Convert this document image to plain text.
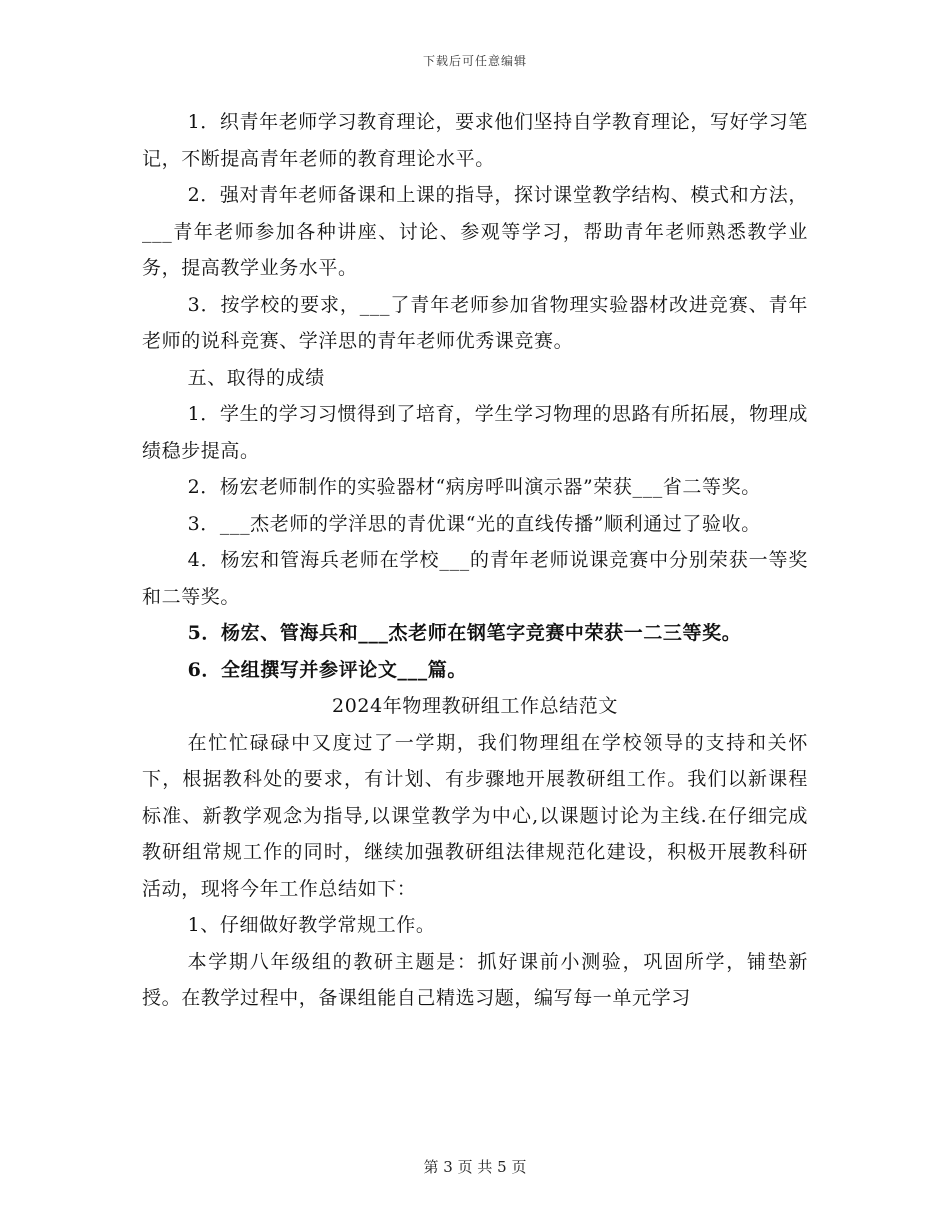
下载后可任意编辑

1．织青年老师学习教育理论，要求他们坚持自学教育理论，写好学习笔记，不断提高青年老师的教育理论水平。

2．强对青年老师备课和上课的指导，探讨课堂教学结构、模式和方法，___青年老师参加各种讲座、讨论、参观等学习，帮助青年老师熟悉教学业务，提高教学业务水平。

3．按学校的要求，___了青年老师参加省物理实验器材改进竞赛、青年老师的说科竞赛、学洋思的青年老师优秀课竞赛。

五、取得的成绩

1．学生的学习习惯得到了培育，学生学习物理的思路有所拓展，物理成绩稳步提高。

2．杨宏老师制作的实验器材“病房呼叫演示器”荣获___省二等奖。

3．___杰老师的学洋思的青优课“光的直线传播”顺利通过了验收。

4．杨宏和管海兵老师在学校___的青年老师说课竞赛中分别荣获一等奖和二等奖。

5．杨宏、管海兵和___杰老师在钢笔字竞赛中荣获一二三等奖。

6．全组撰写并参评论文___篇。

2024年物理教研组工作总结范文

在忙忙碌碌中又度过了一学期，我们物理组在学校领导的支持和关怀下，根据教科处的要求，有计划、有步骤地开展教研组工作。我们以新课程标准、新教学观念为指导,以课堂教学为中心,以课题讨论为主线.在仔细完成教研组常规工作的同时，继续加强教研组法律规范化建设，积极开展教科研活动，现将今年工作总结如下：

1、仔细做好教学常规工作。

本学期八年级组的教研主题是：抓好课前小测验，巩固所学，铺垫新授。在教学过程中，备课组能自己精选习题，编写每一单元学习

第 3 页 共 5 页
